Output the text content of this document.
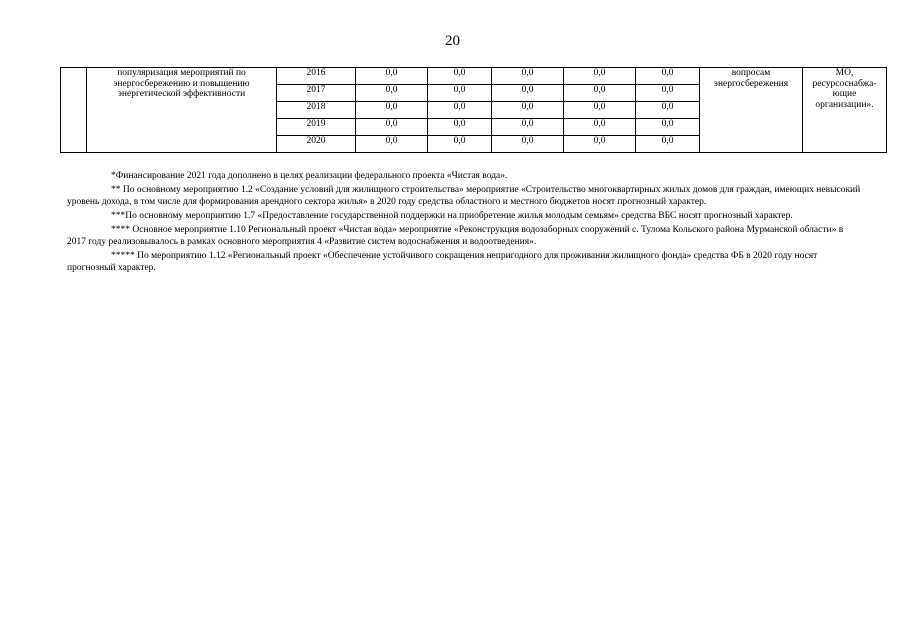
20
	популяризация мероприятий по энергосбережению и повышению энергетической эффективности	2016	0,0	0,0	0,0	0,0	0,0	вопросам энергосбережения	МО, ресурсоснабжа-ющие организации».
		2017	0,0	0,0	0,0	0,0	0,0		
		2018	0,0	0,0	0,0	0,0	0,0		
		2019	0,0	0,0	0,0	0,0	0,0		
		2020	0,0	0,0	0,0	0,0	0,0		

*Финансирование 2021 года дополнено в целях реализации федерального проекта «Чистая вода».

** По основному мероприятию 1.2 «Создание условий для жилищного строительства» мероприятие «Строительство многоквартирных жилых домов для граждан, имеющих невысокий уровень дохода, в том числе для формирования арендного сектора жилья» в 2020 году средства областного и местного бюджетов носят прогнозный характер.

***По основному мероприятию 1.7 «Предоставление государственной поддержки на приобретение жилья молодым семьям» средства ВБС носят прогнозный характер.

**** Основное мероприятие 1.10 Региональный проект «Чистая вода» мероприятие «Реконструкция водозаборных сооружений с. Тулома Кольского района Мурманской области» в 2017 году реализовывалось в рамках основного мероприятия 4 «Развитие систем водоснабжения и водоотведения».

***** По мероприятию 1.12 «Региональный проект «Обеспечение устойчивого сокращения непригодного для проживания жилищного фонда» средства ФБ в 2020 году носят прогнозный характер.
